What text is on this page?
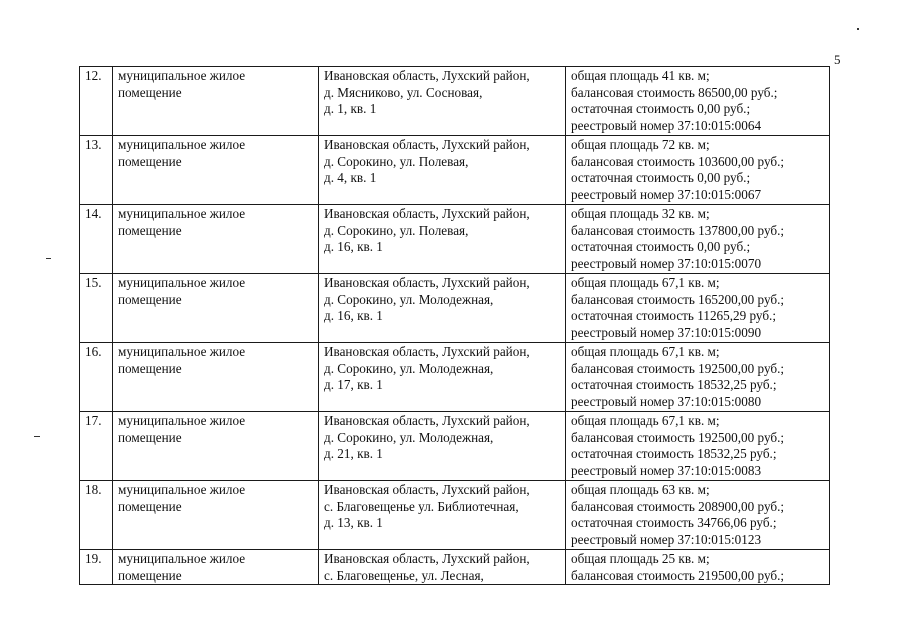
5
12.	муниципальное жилое
помещение	Ивановская область, Лухский район,
д. Мясниково, ул. Сосновая,
д. 1, кв. 1	общая площадь 41 кв. м;
балансовая стоимость 86500,00 руб.;
остаточная стоимость 0,00 руб.;
реестровый номер 37:10:015:0064

13.	муниципальное жилое
помещение	Ивановская область, Лухский район,
д. Сорокино, ул. Полевая,
д. 4, кв. 1	общая площадь 72 кв. м;
балансовая стоимость 103600,00 руб.;
остаточная стоимость 0,00 руб.;
реестровый номер 37:10:015:0067

14.	муниципальное жилое
помещение	Ивановская область, Лухский район,
д. Сорокино, ул. Полевая,
д. 16, кв. 1	общая площадь 32 кв. м;
балансовая стоимость 137800,00 руб.;
остаточная стоимость 0,00 руб.;
реестровый номер 37:10:015:0070

15.	муниципальное жилое
помещение	Ивановская область, Лухский район,
д. Сорокино, ул. Молодежная,
д. 16, кв. 1	общая площадь 67,1 кв. м;
балансовая стоимость 165200,00 руб.;
остаточная стоимость 11265,29 руб.;
реестровый номер 37:10:015:0090

16.	муниципальное жилое
помещение	Ивановская область, Лухский район,
д. Сорокино, ул. Молодежная,
д. 17, кв. 1	общая площадь 67,1 кв. м;
балансовая стоимость 192500,00 руб.;
остаточная стоимость 18532,25 руб.;
реестровый номер 37:10:015:0080

17.	муниципальное жилое
помещение	Ивановская область, Лухский район,
д. Сорокино, ул. Молодежная,
д. 21, кв. 1	общая площадь 67,1 кв. м;
балансовая стоимость 192500,00 руб.;
остаточная стоимость 18532,25 руб.;
реестровый номер 37:10:015:0083

18.	муниципальное жилое
помещение	Ивановская область, Лухский район,
с. Благовещенье ул. Библиотечная,
д. 13, кв. 1	общая площадь 63 кв. м;
балансовая стоимость 208900,00 руб.;
остаточная стоимость 34766,06 руб.;
реестровый номер 37:10:015:0123

19.	муниципальное жилое
помещение	Ивановская область, Лухский район,
с. Благовещенье, ул. Лесная,	общая площадь 25 кв. м;
балансовая стоимость 219500,00 руб.;
